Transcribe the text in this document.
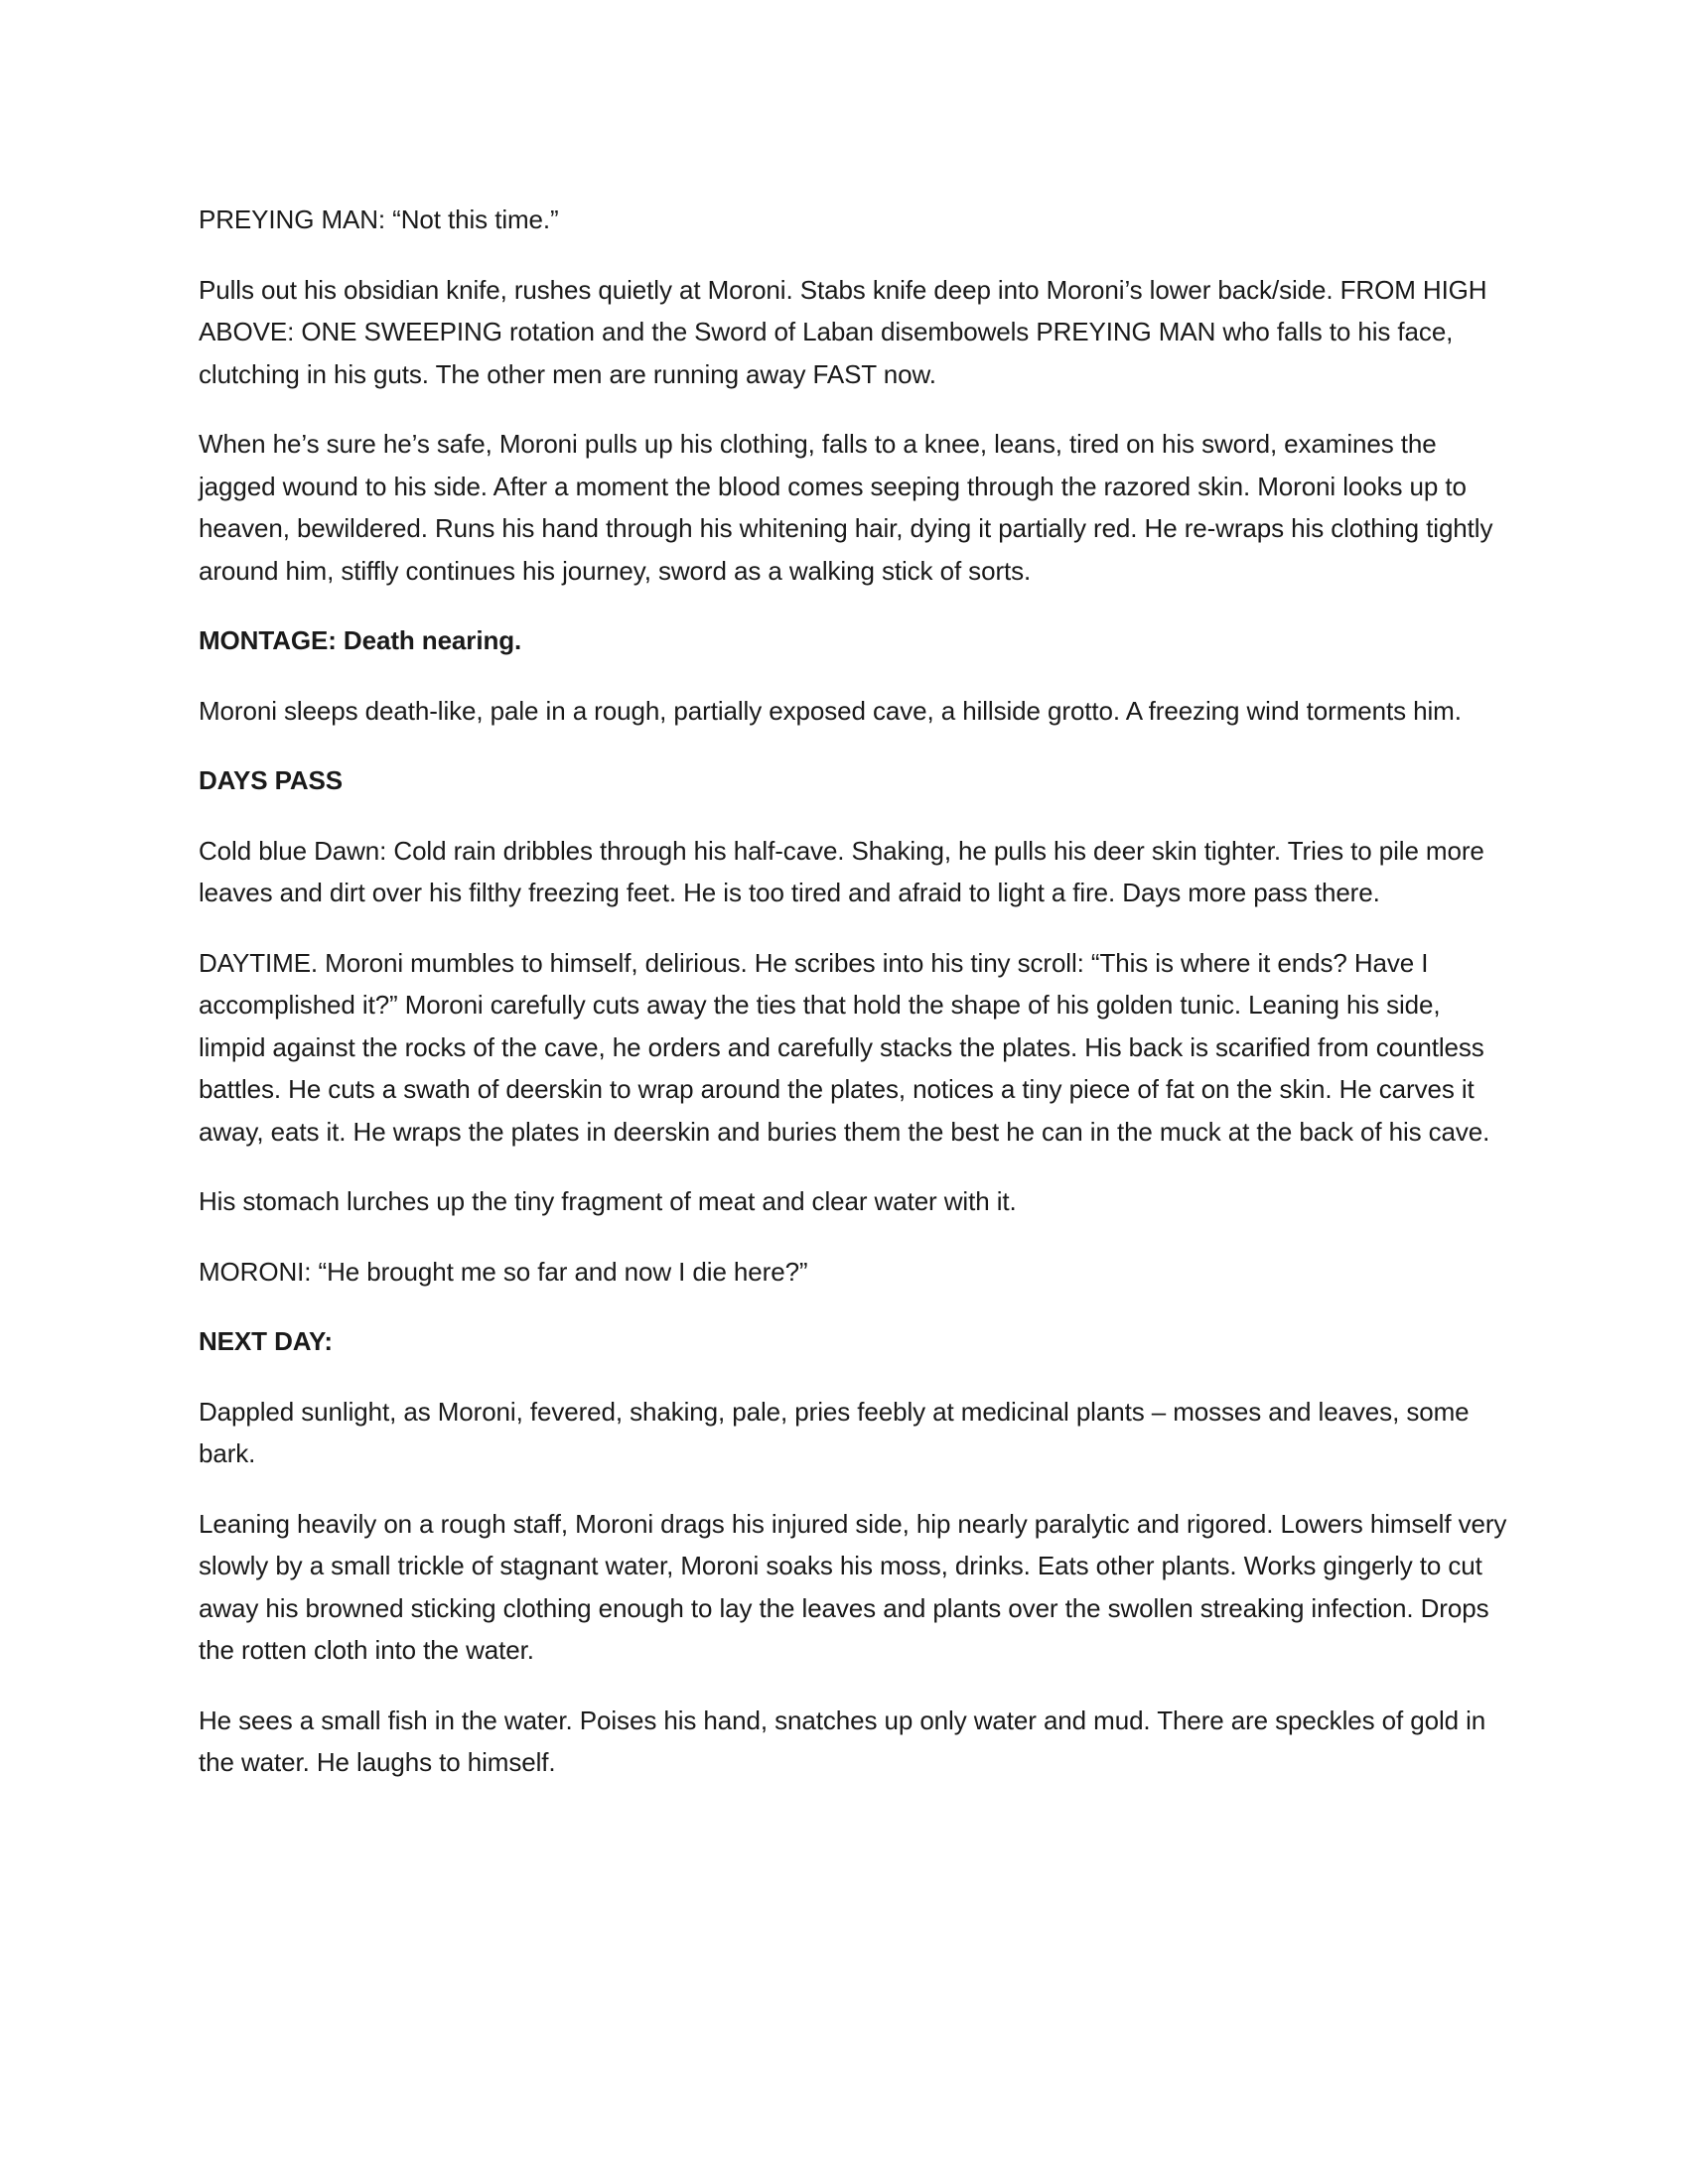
PREYING MAN: “Not this time.”

Pulls out his obsidian knife, rushes quietly at Moroni. Stabs knife deep into Moroni’s lower back/side. FROM HIGH ABOVE: ONE SWEEPING rotation and the Sword of Laban disembowels PREYING MAN who falls to his face, clutching in his guts. The other men are running away FAST now.

When he’s sure he’s safe, Moroni pulls up his clothing, falls to a knee, leans, tired on his sword, examines the jagged wound to his side. After a moment the blood comes seeping through the razored skin. Moroni looks up to heaven, bewildered. Runs his hand through his whitening hair, dying it partially red. He re-wraps his clothing tightly around him, stiffly continues his journey, sword as a walking stick of sorts.

MONTAGE: Death nearing.

Moroni sleeps death-like, pale in a rough, partially exposed cave, a hillside grotto. A freezing wind torments him.

DAYS PASS

Cold blue Dawn: Cold rain dribbles through his half-cave. Shaking, he pulls his deer skin tighter. Tries to pile more leaves and dirt over his filthy freezing feet. He is too tired and afraid to light a fire. Days more pass there.

DAYTIME. Moroni mumbles to himself, delirious. He scribes into his tiny scroll: “This is where it ends? Have I accomplished it?” Moroni carefully cuts away the ties that hold the shape of his golden tunic. Leaning his side, limpid against the rocks of the cave, he orders and carefully stacks the plates. His back is scarified from countless battles. He cuts a swath of deerskin to wrap around the plates, notices a tiny piece of fat on the skin. He carves it away, eats it. He wraps the plates in deerskin and buries them the best he can in the muck at the back of his cave.

His stomach lurches up the tiny fragment of meat and clear water with it.

MORONI: “He brought me so far and now I die here?”

NEXT DAY:

Dappled sunlight, as Moroni, fevered, shaking, pale, pries feebly at medicinal plants – mosses and leaves, some bark.

Leaning heavily on a rough staff, Moroni drags his injured side, hip nearly paralytic and rigored. Lowers himself very slowly by a small trickle of stagnant water, Moroni soaks his moss, drinks. Eats other plants. Works gingerly to cut away his browned sticking clothing enough to lay the leaves and plants over the swollen streaking infection. Drops the rotten cloth into the water.

He sees a small fish in the water. Poises his hand, snatches up only water and mud. There are speckles of gold in the water. He laughs to himself.
